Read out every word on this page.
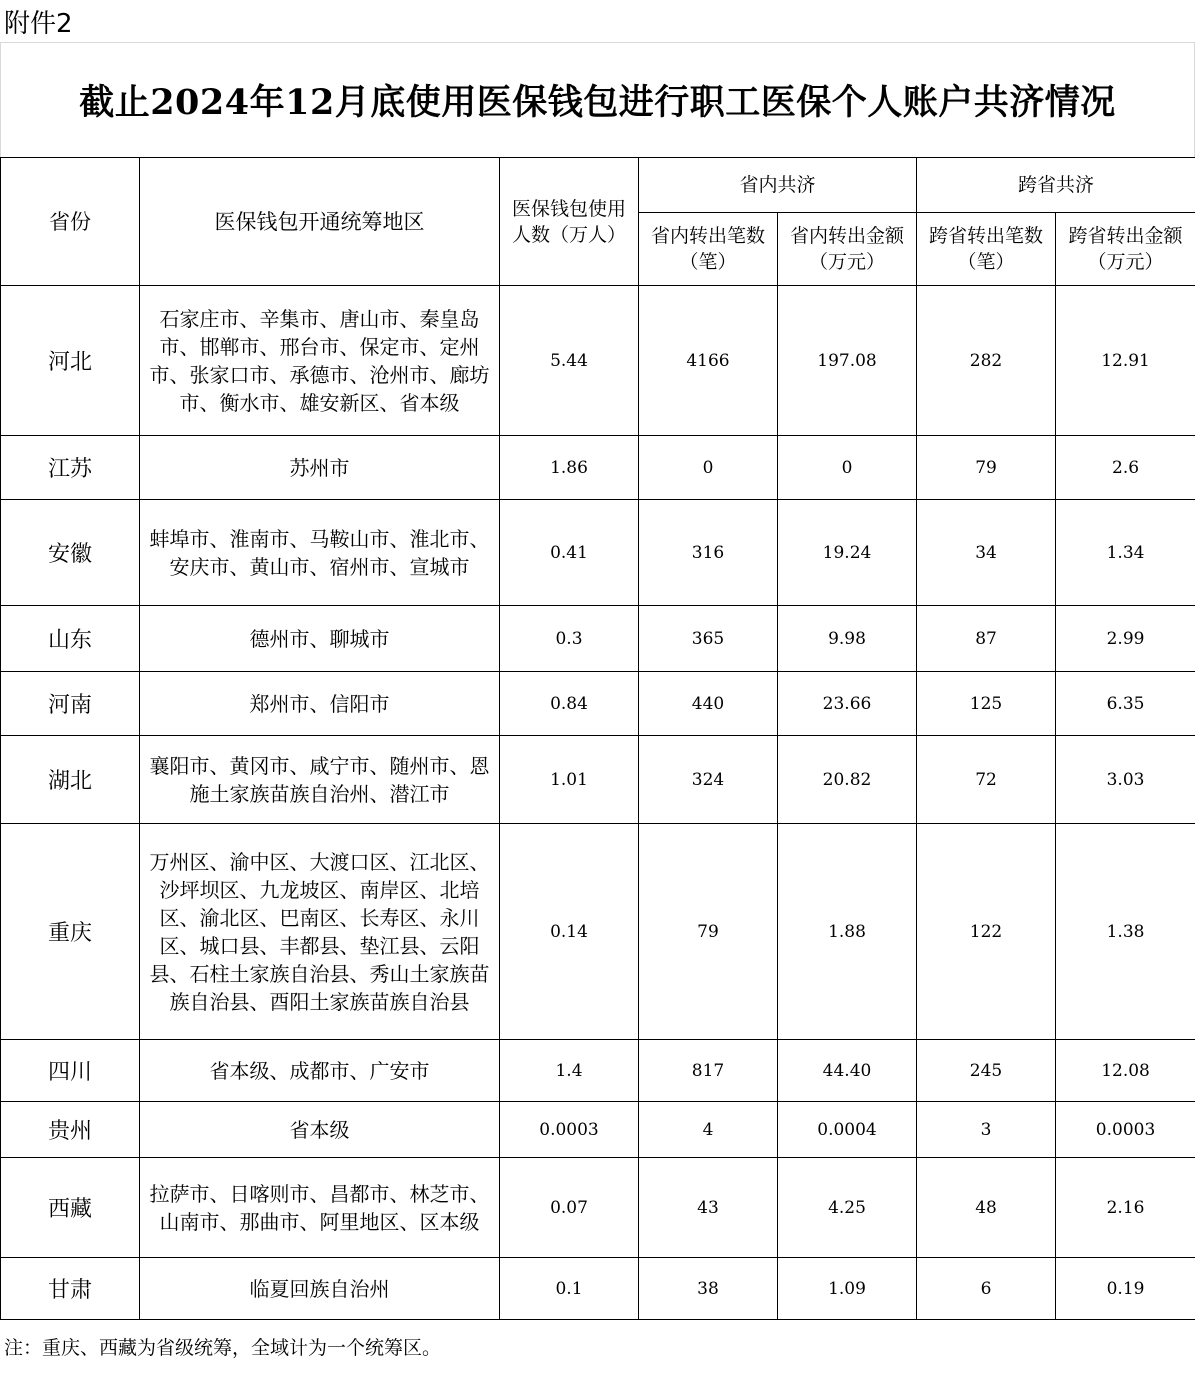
附件2
截止2024年12月底使用医保钱包进行职工医保个人账户共济情况
省份	医保钱包开通统筹地区	医保钱包使用人数（万人）	省内共济		跨省共济	
			省内转出笔数（笔）	省内转出金额（万元）	跨省转出笔数（笔）	跨省转出金额（万元）
河北	石家庄市、辛集市、唐山市、秦皇岛市、邯郸市、邢台市、保定市、定州市、张家口市、承德市、沧州市、廊坊市、衡水市、雄安新区、省本级	5.44	4166	197.08	282	12.91
江苏	苏州市	1.86	0	0	79	2.6
安徽	蚌埠市、淮南市、马鞍山市、淮北市、安庆市、黄山市、宿州市、宣城市	0.41	316	19.24	34	1.34
山东	德州市、聊城市	0.3	365	9.98	87	2.99
河南	郑州市、信阳市	0.84	440	23.66	125	6.35
湖北	襄阳市、黄冈市、咸宁市、随州市、恩施土家族苗族自治州、潜江市	1.01	324	20.82	72	3.03
重庆	万州区、渝中区、大渡口区、江北区、沙坪坝区、九龙坡区、南岸区、北培区、渝北区、巴南区、长寿区、永川区、城口县、丰都县、垫江县、云阳县、石柱土家族自治县、秀山土家族苗族自治县、酉阳土家族苗族自治县	0.14	79	1.88	122	1.38
四川	省本级、成都市、广安市	1.4	817	44.40	245	12.08
贵州	省本级	0.0003	4	0.0004	3	0.0003
西藏	拉萨市、日喀则市、昌都市、林芝市、山南市、那曲市、阿里地区、区本级	0.07	43	4.25	48	2.16
甘肃	临夏回族自治州	0.1	38	1.09	6	0.19
注：重庆、西藏为省级统筹，全域计为一个统筹区。
